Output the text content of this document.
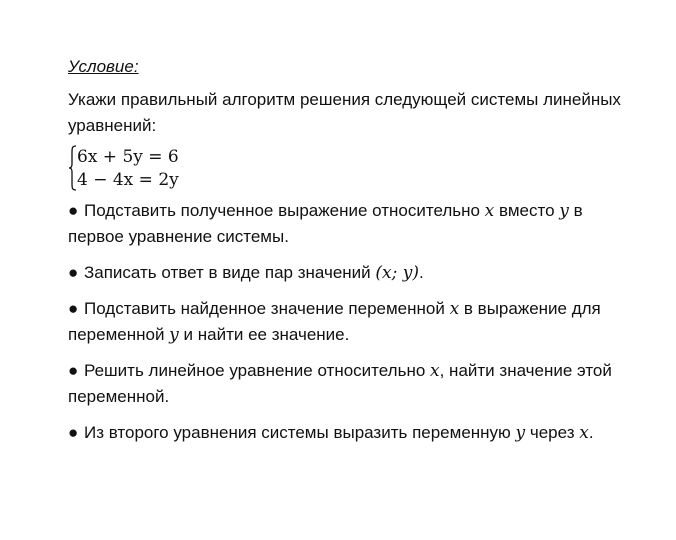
Условие:

Укажи правильный алгоритм решения следующей системы линейных уравнений:

6x + 5y = 6
4 − 4x = 2y

● Подставить полученное выражение относительно x вместо y в первое уравнение системы.

● Записать ответ в виде пар значений (x; y).

● Подставить найденное значение переменной x в выражение для переменной y и найти ее значение.

● Решить линейное уравнение относительно x, найти значение этой переменной.

● Из второго уравнения системы выразить переменную y через x.
